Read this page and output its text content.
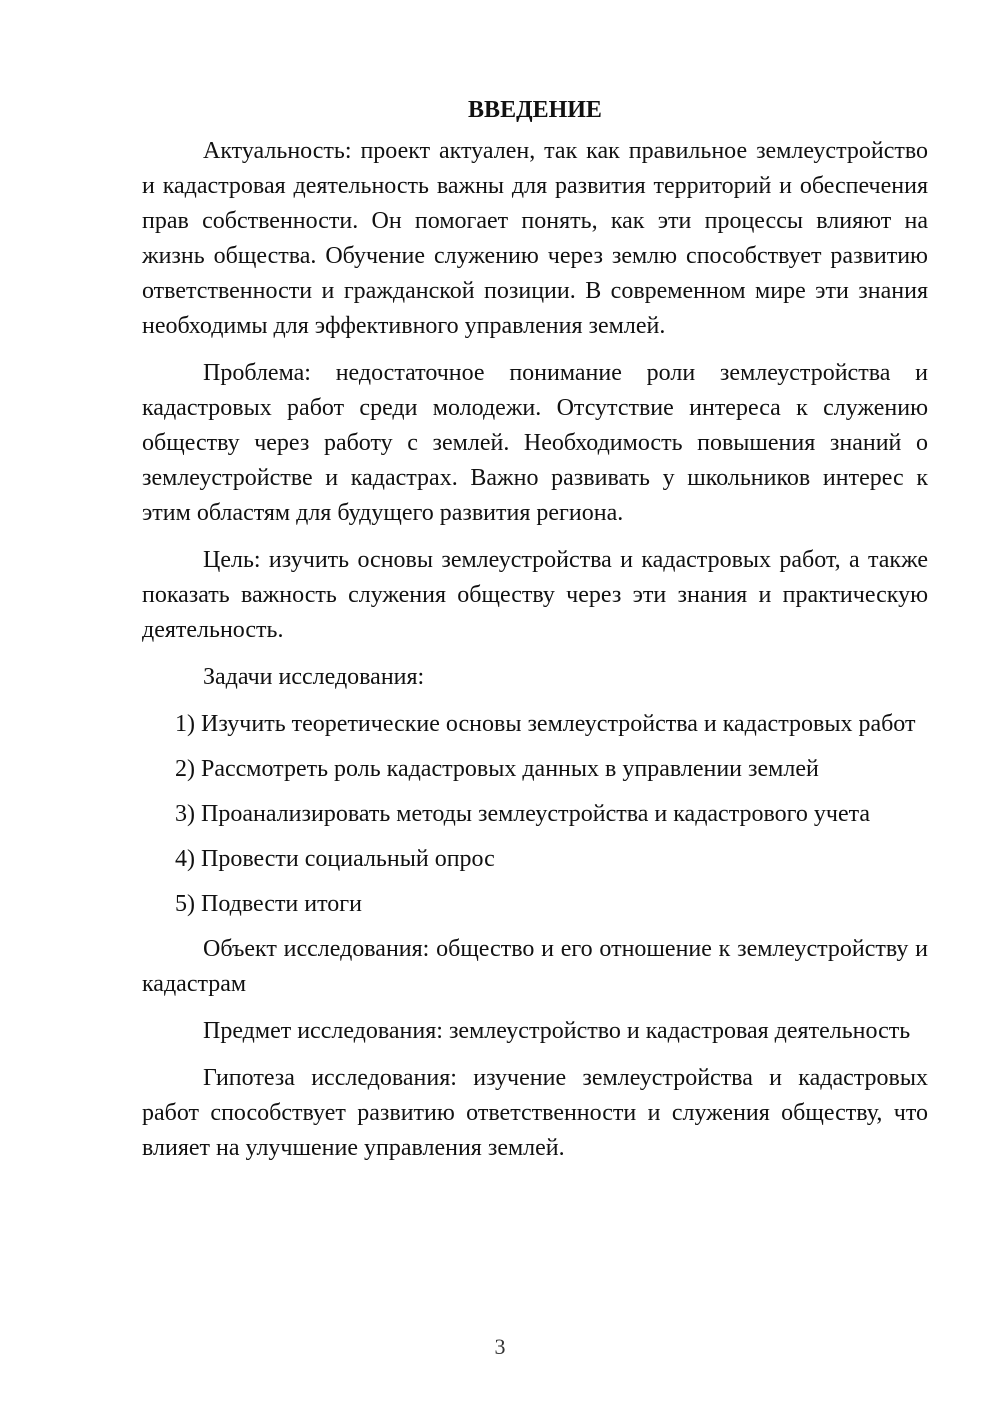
ВВЕДЕНИЕ

Актуальность: проект актуален, так как правильное землеустройство и кадастровая деятельность важны для развития территорий и обеспечения прав собственности. Он помогает понять, как эти процессы влияют на жизнь общества. Обучение служению через землю способствует развитию ответственности и гражданской позиции. В современном мире эти знания необходимы для эффективного управления землей.

Проблема: недостаточное понимание роли землеустройства и кадастровых работ среди молодежи. Отсутствие интереса к служению обществу через работу с землей. Необходимость повышения знаний о землеустройстве и кадастрах. Важно развивать у школьников интерес к этим областям для будущего развития региона.

Цель: изучить основы землеустройства и кадастровых работ, а также показать важность служения обществу через эти знания и практическую деятельность.

Задачи исследования:

1) Изучить теоретические основы землеустройства и кадастровых работ

2) Рассмотреть роль кадастровых данных в управлении землей

3) Проанализировать методы землеустройства и кадастрового учета

4) Провести социальный опрос

5) Подвести итоги

Объект исследования: общество и его отношение к землеустройству и кадастрам

Предмет исследования: землеустройство и кадастровая деятельность

Гипотеза исследования: изучение землеустройства и кадастровых работ способствует развитию ответственности и служения обществу, что влияет на улучшение управления землей.

3
